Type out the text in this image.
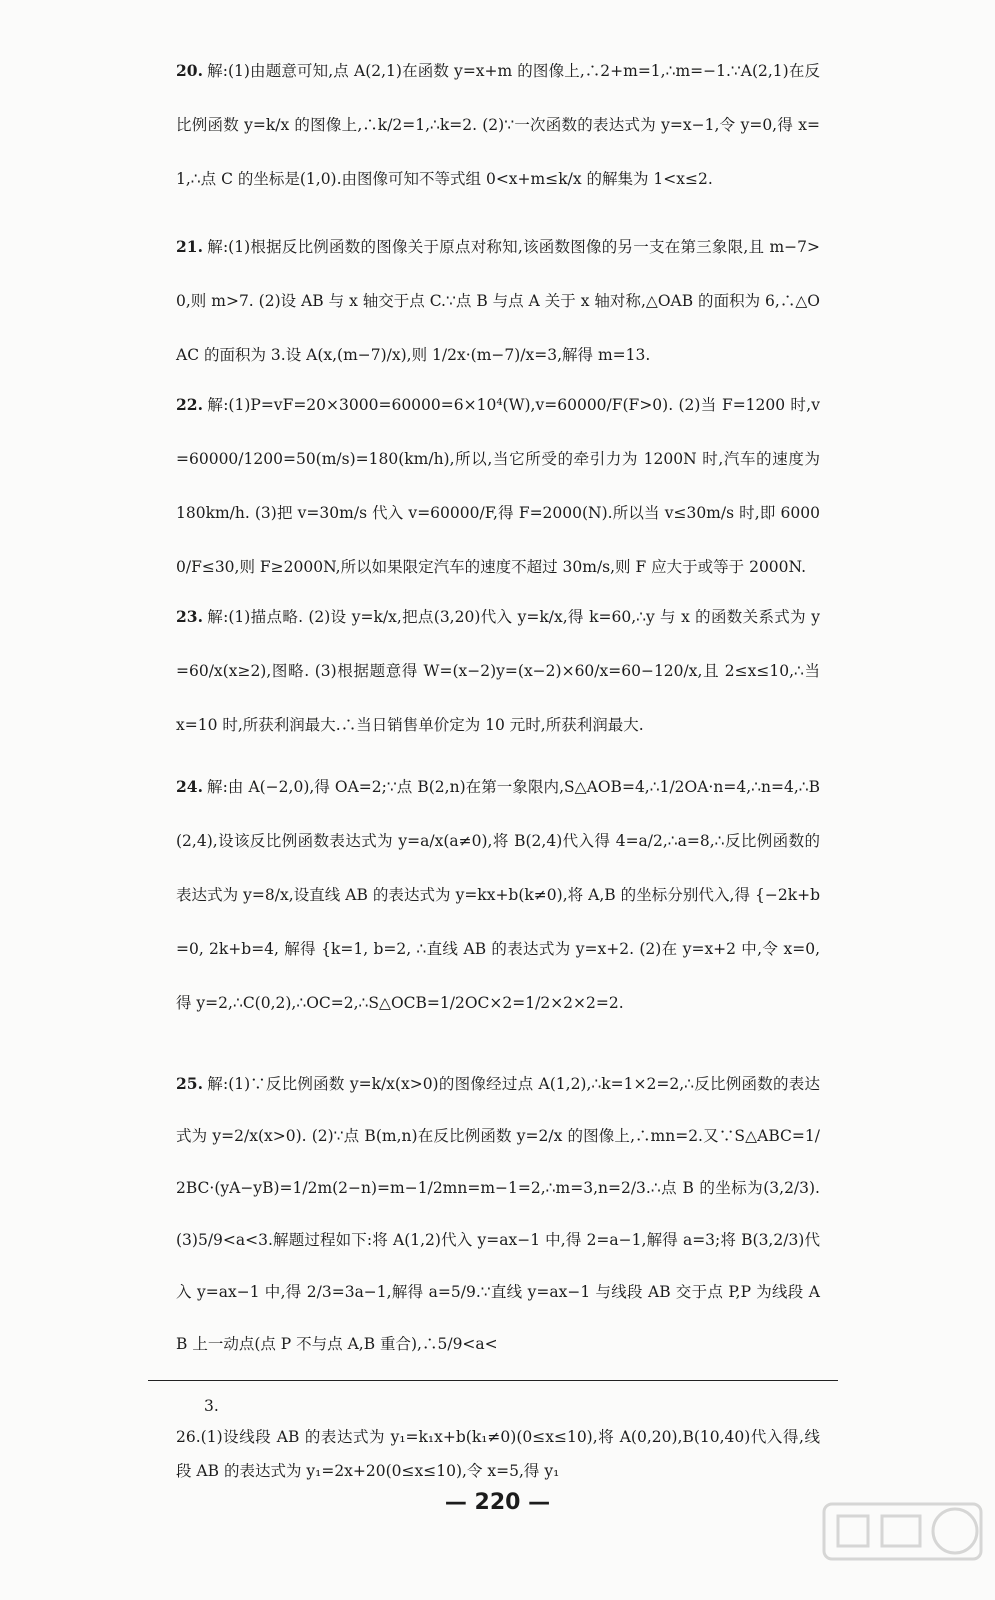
20. 解:(1)由题意可知,点 A(2,1)在函数 y=x+m 的图像上,∴2+m=1,∴m=−1.∵A(2,1)在反比例函数 y=k/x 的图像上,∴k/2=1,∴k=2. (2)∵一次函数的表达式为 y=x−1,令 y=0,得 x=1,∴点 C 的坐标是(1,0).由图像可知不等式组 0<x+m≤k/x 的解集为 1<x≤2.
21. 解:(1)根据反比例函数的图像关于原点对称知,该函数图像的另一支在第三象限,且 m−7>0,则 m>7. (2)设 AB 与 x 轴交于点 C.∵点 B 与点 A 关于 x 轴对称,△OAB 的面积为 6,∴△OAC 的面积为 3.设 A(x,(m−7)/x),则 1/2x·(m−7)/x=3,解得 m=13.
22. 解:(1)P=vF=20×3000=60000=6×10⁴(W),v=60000/F(F>0). (2)当 F=1200 时,v=60000/1200=50(m/s)=180(km/h),所以,当它所受的牵引力为 1200N 时,汽车的速度为 180km/h. (3)把 v=30m/s 代入 v=60000/F,得 F=2000(N).所以当 v≤30m/s 时,即 60000/F≤30,则 F≥2000N,所以如果限定汽车的速度不超过 30m/s,则 F 应大于或等于 2000N.
23. 解:(1)描点略. (2)设 y=k/x,把点(3,20)代入 y=k/x,得 k=60,∴y 与 x 的函数关系式为 y=60/x(x≥2),图略. (3)根据题意得 W=(x−2)y=(x−2)×60/x=60−120/x,且 2≤x≤10,∴当 x=10 时,所获利润最大.∴当日销售单价定为 10 元时,所获利润最大.
24. 解:由 A(−2,0),得 OA=2;∵点 B(2,n)在第一象限内,S△AOB=4,∴1/2OA·n=4,∴n=4,∴B(2,4),设该反比例函数表达式为 y=a/x(a≠0),将 B(2,4)代入得 4=a/2,∴a=8,∴反比例函数的表达式为 y=8/x,设直线 AB 的表达式为 y=kx+b(k≠0),将 A,B 的坐标分别代入,得 {−2k+b=0, 2k+b=4, 解得 {k=1, b=2, ∴直线 AB 的表达式为 y=x+2. (2)在 y=x+2 中,令 x=0,得 y=2,∴C(0,2),∴OC=2,∴S△OCB=1/2OC×2=1/2×2×2=2.
25. 解:(1)∵反比例函数 y=k/x(x>0)的图像经过点 A(1,2),∴k=1×2=2,∴反比例函数的表达式为 y=2/x(x>0). (2)∵点 B(m,n)在反比例函数 y=2/x 的图像上,∴mn=2.又∵S△ABC=1/2BC·(yA−yB)=1/2m(2−n)=m−1/2mn=m−1=2,∴m=3,n=2/3.∴点 B 的坐标为(3,2/3). (3)5/9<a<3.解题过程如下:将 A(1,2)代入 y=ax−1 中,得 2=a−1,解得 a=3;将 B(3,2/3)代入 y=ax−1 中,得 2/3=3a−1,解得 a=5/9.∵直线 y=ax−1 与线段 AB 交于点 P,P 为线段 AB 上一动点(点 P 不与点 A,B 重合),∴5/9<a<
3.
26.(1)设线段 AB 的表达式为 y₁=k₁x+b(k₁≠0)(0≤x≤10),将 A(0,20),B(10,40)代入得,线段 AB 的表达式为 y₁=2x+20(0≤x≤10),令 x=5,得 y₁
— 220 —
